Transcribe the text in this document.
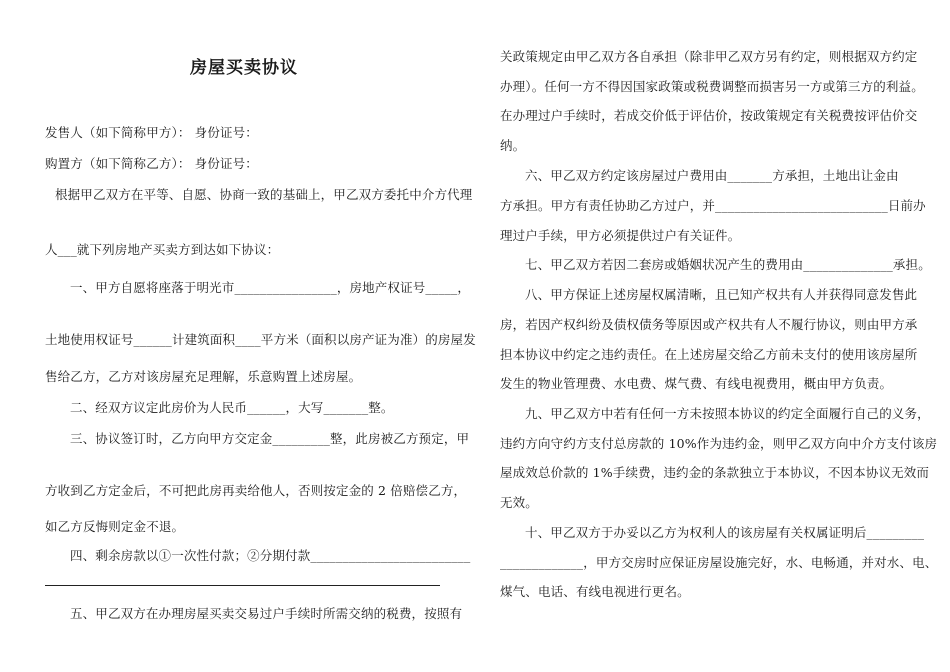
房屋买卖协议
发售人（如下简称甲方）： 身份证号：
购置方（如下简称乙方）： 身份证号：
根据甲乙双方在平等、自愿、协商一致的基础上，甲乙双方委托中介方代理
人___就下列房地产买卖方到达如下协议：
一、甲方自愿将座落于明光市________________，房地产权证号_____，
土地使用权证号______计建筑面积____平方米（面积以房产证为准）的房屋发
售给乙方，乙方对该房屋充足理解，乐意购置上述房屋。
二、经双方议定此房价为人民币______，大写_______整。
三、协议签订时，乙方向甲方交定金_________整，此房被乙方预定，甲
方收到乙方定金后，不可把此房再卖给他人，否则按定金的 2 倍赔偿乙方，
如乙方反悔则定金不退。
四、剩余房款以①一次性付款；②分期付款_________________________
五、甲乙双方在办理房屋买卖交易过户手续时所需交纳的税费，按照有
关政策规定由甲乙双方各自承担（除非甲乙双方另有约定，则根据双方约定
办理）。任何一方不得因国家政策或税费调整而损害另一方或第三方的利益。
在办理过户手续时，若成交价低于评估价，按政策规定有关税费按评估价交
纳。
六、甲乙双方约定该房屋过户费用由_______方承担，土地出让金由
方承担。甲方有责任协助乙方过户，并___________________________日前办
理过户手续，甲方必须提供过户有关证件。
七、甲乙双方若因二套房或婚姻状况产生的费用由______________承担。
八、甲方保证上述房屋权属清晰，且已知产权共有人并获得同意发售此
房，若因产权纠纷及债权债务等原因或产权共有人不履行协议，则由甲方承
担本协议中约定之违约责任。在上述房屋交给乙方前未支付的使用该房屋所
发生的物业管理费、水电费、煤气费、有线电视费用，概由甲方负责。
九、甲乙双方中若有任何一方未按照本协议的约定全面履行自己的义务，
违约方向守约方支付总房款的 10%作为违约金，则甲乙双方向中介方支付该房
屋成效总价款的 1%手续费，违约金的条款独立于本协议，不因本协议无效而
无效。
十、甲乙双方于办妥以乙方为权利人的该房屋有关权属证明后_________
_____________，甲方交房时应保证房屋设施完好，水、电畅通，并对水、电、
煤气、电话、有线电视进行更名。
